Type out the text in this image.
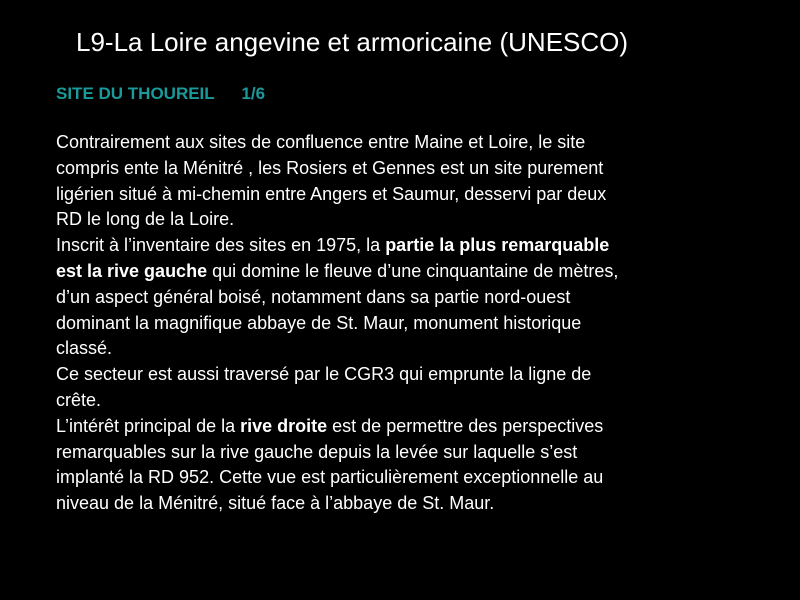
L9-La Loire angevine et armoricaine (UNESCO)
SITE DU THOUREIL 1/6
Contrairement aux sites de confluence entre Maine et Loire, le site
compris ente la Ménitré , les Rosiers et Gennes est un site purement
ligérien situé à mi-chemin entre Angers et Saumur, desservi par deux
RD le long de la Loire.
Inscrit à l’inventaire des sites en 1975, la partie la plus remarquable
est la rive gauche qui domine le fleuve d’une cinquantaine de mètres,
d’un aspect général boisé, notamment dans sa partie nord-ouest
dominant la magnifique abbaye de St. Maur, monument historique
classé.
Ce secteur est aussi traversé par le CGR3 qui emprunte la ligne de
crête.
L’intérêt principal de la rive droite est de permettre des perspectives
remarquables sur la rive gauche depuis la levée sur laquelle s’est
implanté la RD 952. Cette vue est particulièrement exceptionnelle au
niveau de la Ménitré, situé face à l’abbaye de St. Maur.
